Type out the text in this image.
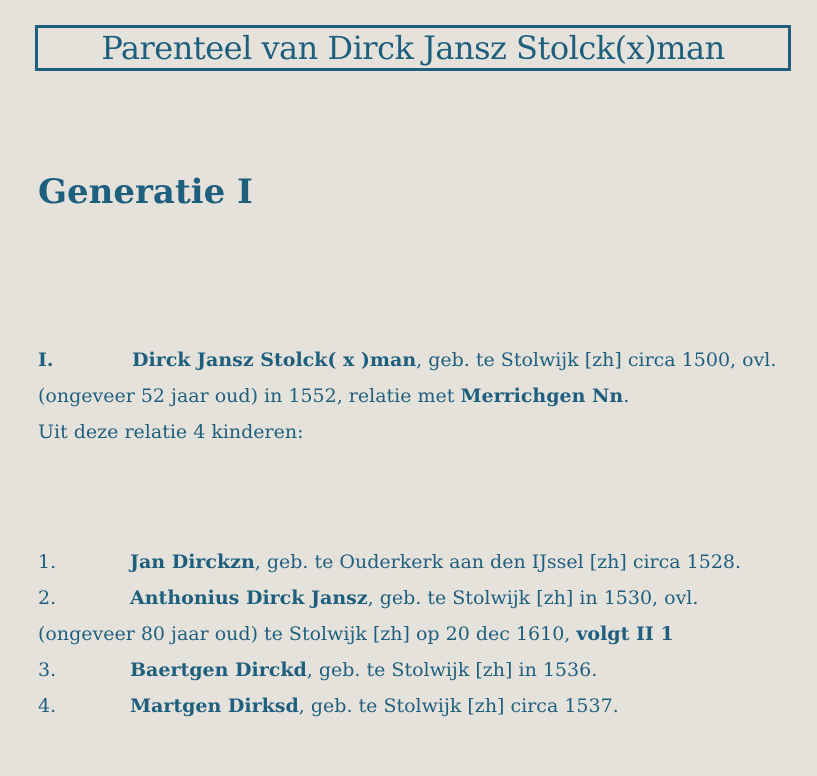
Parenteel van Dirck Jansz Stolck(x)man
Generatie I
I.	Dirck Jansz Stolck( x )man, geb. te Stolwijk [zh] circa 1500, ovl.
(ongeveer 52 jaar oud) in 1552, relatie met Merrichgen Nn.
Uit deze relatie 4 kinderen:
1.	Jan Dirckzn, geb. te Ouderkerk aan den IJssel [zh] circa 1528.
2.	Anthonius Dirck Jansz, geb. te Stolwijk [zh] in 1530, ovl.
(ongeveer 80 jaar oud) te Stolwijk [zh] op 20 dec 1610, volgt II 1
3.	Baertgen Dirckd, geb. te Stolwijk [zh] in 1536.
4.	Martgen Dirksd, geb. te Stolwijk [zh] circa 1537.
